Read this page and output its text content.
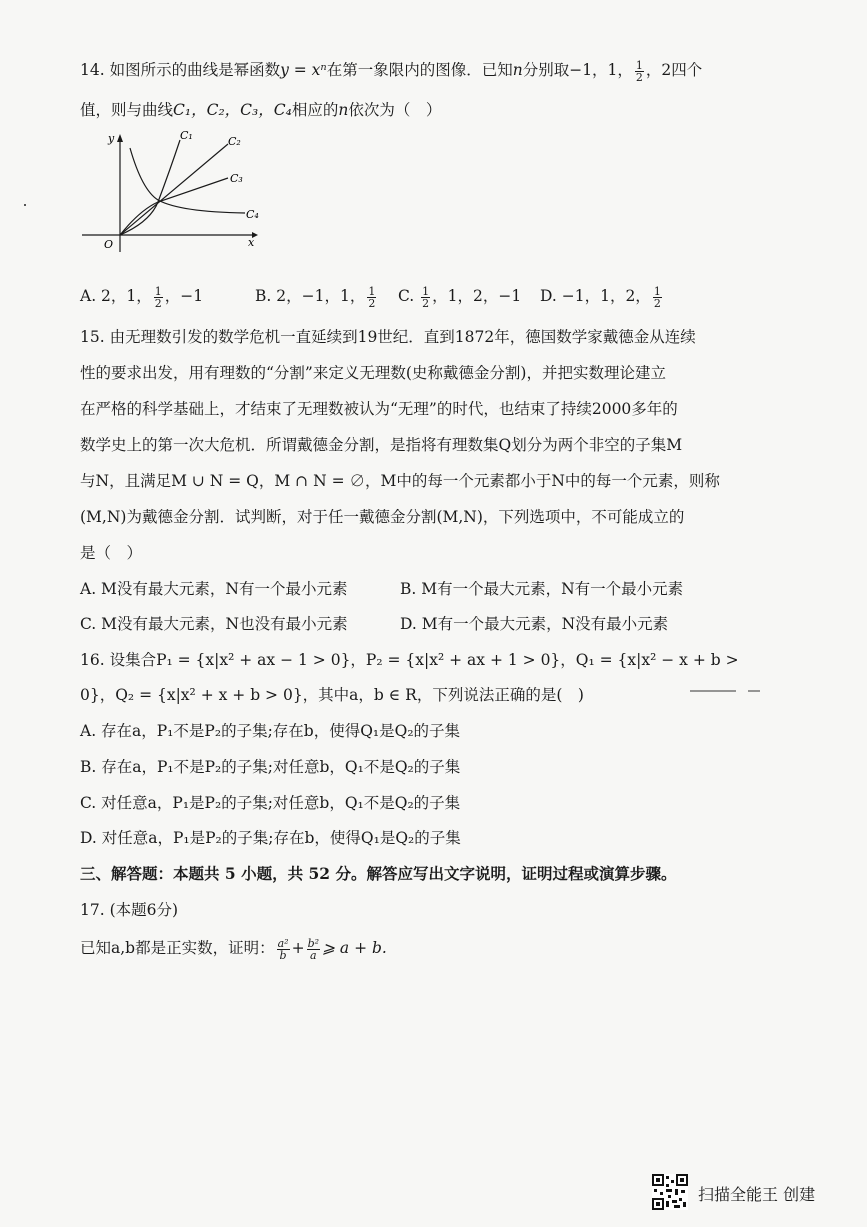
14. 如图所示的曲线是幂函数y = xⁿ在第一象限内的图像．已知n分别取−1，1， $\frac{1}{2}$ ，2四个
值，则与曲线C₁，C₂，C₃，C₄相应的n依次为（　）
y
x
O
C₁	C₂
C₃
C₄
A. 2，1， $\frac{1}{2}$ ，−1	B. 2，−1，1， $\frac{1}{2} C$. $\frac{1}{2}$ ，1，2，−1 D. −1，1，2， $\frac{1}{2}$
15. 由无理数引发的数学危机一直延续到19世纪．直到1872年，德国数学家戴德金从连续
性的要求出发，用有理数的“分割”来定义无理数(史称戴德金分割)，并把实数理论建立
在严格的科学基础上，才结束了无理数被认为“无理”的时代，也结束了持续2000多年的
数学史上的第一次大危机．所谓戴德金分割，是指将有理数集Q划分为两个非空的子集M
与N，且满足M ∪ N = Q，M ∩ N = ∅，M中的每一个元素都小于N中的每一个元素，则称
(M,N)为戴德金分割．试判断，对于任一戴德金分割(M,N)，下列选项中，不可能成立的
是（　）
A. M没有最大元素，N有一个最小元素	B. M有一个最大元素，N有一个最小元素
C. M没有最大元素，N也没有最小元素	D. M有一个最大元素，N没有最小元素
16. 设集合P₁ = {x|x² + ax − 1 > 0}，P₂ = {x|x² + ax + 1 > 0}，Q₁ = {x|x² − x + b >
0}，Q₂ = {x|x² + x + b > 0}，其中a，b ∈ R，下列说法正确的是(　)
A. 存在a，P₁不是P₂的子集;存在b，使得Q₁是Q₂的子集
B. 存在a，P₁不是P₂的子集;对任意b，Q₁不是Q₂的子集
C. 对任意a，P₁是P₂的子集;对任意b，Q₁不是Q₂的子集
D. 对任意a，P₁是P₂的子集;存在b，使得Q₁是Q₂的子集
三、解答题：本题共 5 小题，共 52 分。解答应写出文字说明，证明过程或演算步骤。
17. (本题6分)
已知a,b都是正实数，证明： $\frac{\text{a²}}{b} + \frac{\text{b²}}{a}$ ⩾ a + b.
扫描全能王 创建
